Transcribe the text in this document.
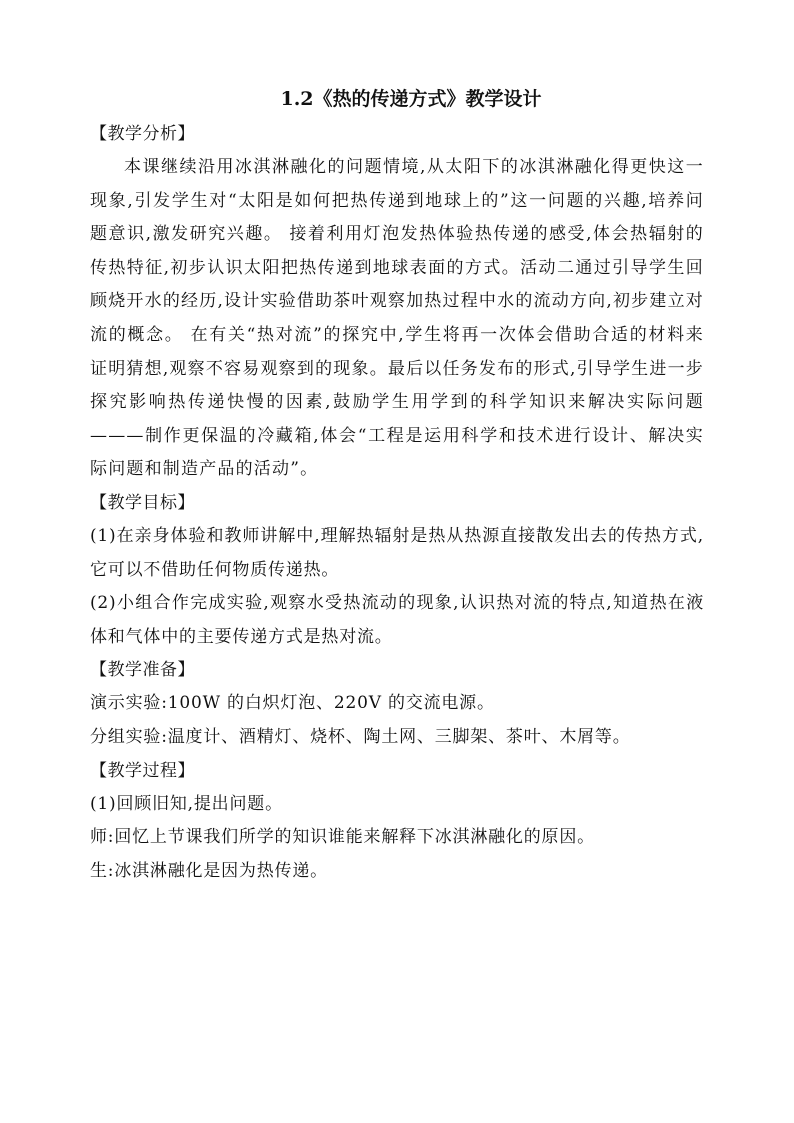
1.2《热的传递方式》教学设计

【教学分析】

本课继续沿用冰淇淋融化的问题情境,从太阳下的冰淇淋融化得更快这一现象,引发学生对“太阳是如何把热传递到地球上的”这一问题的兴趣,培养问题意识,激发研究兴趣。 接着利用灯泡发热体验热传递的感受,体会热辐射的传热特征,初步认识太阳把热传递到地球表面的方式。活动二通过引导学生回顾烧开水的经历,设计实验借助茶叶观察加热过程中水的流动方向,初步建立对流的概念。 在有关“热对流”的探究中,学生将再一次体会借助合适的材料来证明猜想,观察不容易观察到的现象。最后以任务发布的形式,引导学生进一步探究影响热传递快慢的因素,鼓励学生用学到的科学知识来解决实际问题———制作更保温的冷藏箱,体会“工程是运用科学和技术进行设计、解决实际问题和制造产品的活动”。

【教学目标】

(1)在亲身体验和教师讲解中,理解热辐射是热从热源直接散发出去的传热方式,它可以不借助任何物质传递热。

(2)小组合作完成实验,观察水受热流动的现象,认识热对流的特点,知道热在液体和气体中的主要传递方式是热对流。

【教学准备】

演示实验:100W 的白炽灯泡、220V 的交流电源。

分组实验:温度计、酒精灯、烧杯、陶土网、三脚架、茶叶、木屑等。

【教学过程】

(1)回顾旧知,提出问题。

师:回忆上节课我们所学的知识谁能来解释下冰淇淋融化的原因。

生:冰淇淋融化是因为热传递。
